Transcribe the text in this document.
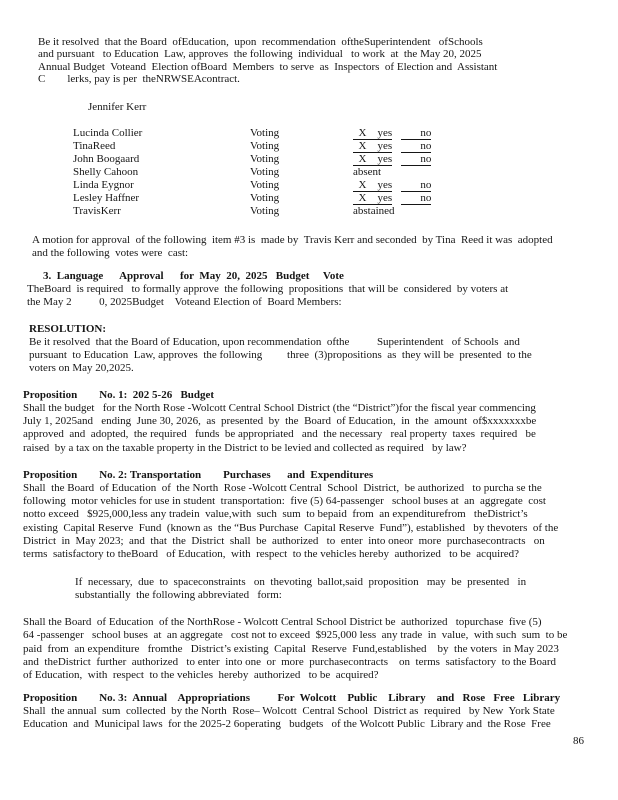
Be it resolved  that the Board  ofEducation,  upon  recommendation  oftheSuperintendent   ofSchools
and pursuant   to Education  Law, approves  the following  individual   to work  at  the May 20, 2025
Annual Budget  Voteand  Election ofBoard  Members  to serve  as  Inspectors  of Election and  Assistant
C        lerks, pay is per  theNRWSEAcontract.
Jennifer Kerr
Lucinda Collier	Voting	X    yes       no
TinaReed	Voting	X    yes       no
John Boogaard	Voting	X    yes       no
Shelly Cahoon	Voting	absent
Linda Eygnor	Voting	X    yes       no
Lesley Haffner	Voting	X    yes       no
TravisKerr	Voting	abstained
A motion for approval  of the following  item #3 is  made by  Travis Kerr and seconded  by Tina  Reed it was  adopted
and the following  votes were  cast:
3.  Language      Approval      for  May  20,  2025   Budget     Vote
TheBoard  is required   to formally approve  the following  propositions  that will be  considered  by voters at
the May 2          0, 2025Budget    Voteand Election of  Board Members:
RESOLUTION:
Be it resolved  that the Board of Education, upon recommendation  ofthe          Superintendent   of Schools  and
pursuant  to Education  Law, approves  the following         three  (3)propositions  as  they will be  presented  to the
voters on May 20,2025.
Proposition        No. 1:  202 5-26   Budget
Shall the budget   for the North Rose -Wolcott Central School District (the “District”)for the fiscal year commencing
July 1, 2025and   ending  June 30, 2026,  as  presented  by  the  Board  of Education,  in  the  amount  of$xxxxxxxbe
approved  and  adopted,  the required   funds  be appropriated   and  the necessary   real property  taxes  required   be
raised  by a tax on the taxable property in the District to be levied and collected as required   by law?
Proposition        No. 2: Transportation        Purchases      and  Expenditures
Shall  the Board  of Education  of  the North  Rose -Wolcott Central  School  District,  be authorized   to purcha se the
following  motor vehicles for use in student  transportation:  five (5) 64-passenger   school buses at  an  aggregate  cost
notto exceed   $925,000,less any tradein  value,with  such  sum  to bepaid  from  an expenditurefrom   theDistrict’s
existing  Capital Reserve  Fund  (known as  the “Bus Purchase  Capital Reserve  Fund”), established   by thevoters  of the
District  in  May 2023;  and  that  the  District  shall  be  authorized   to  enter  into oneor  more  purchasecontracts   on
terms  satisfactory to theBoard   of Education,  with  respect  to the vehicles hereby  authorized   to be  acquired?
If  necessary,  due  to  spaceconstraints   on  thevoting  ballot,said  proposition   may  be  presented   in
substantially  the following abbreviated   form:
Shall the Board  of Education  of the NorthRose - Wolcott Central School District be  authorized   topurchase  five (5)
64 -passenger   school buses  at  an aggregate   cost not to exceed  $925,000 less  any trade  in  value,  with such  sum  to be
paid  from  an expenditure   fromthe   District’s existing  Capital  Reserve  Fund,established    by  the voters  in May 2023
and  theDistrict  further  authorized   to enter  into one  or  more  purchasecontracts    on  terms  satisfactory  to the Board
of Education,  with  respect  to the vehicles  hereby  authorized   to be  acquired?
Proposition        No. 3:  Annual    Appropriations          For  Wolcott    Public    Library    and   Rose   Free   Library
Shall  the annual  sum  collected  by the North  Rose– Wolcott  Central School  District as  required   by New  York State
Education  and  Municipal laws  for the 2025-2 6operating   budgets   of the Wolcott Public  Library and  the Rose  Free
86
